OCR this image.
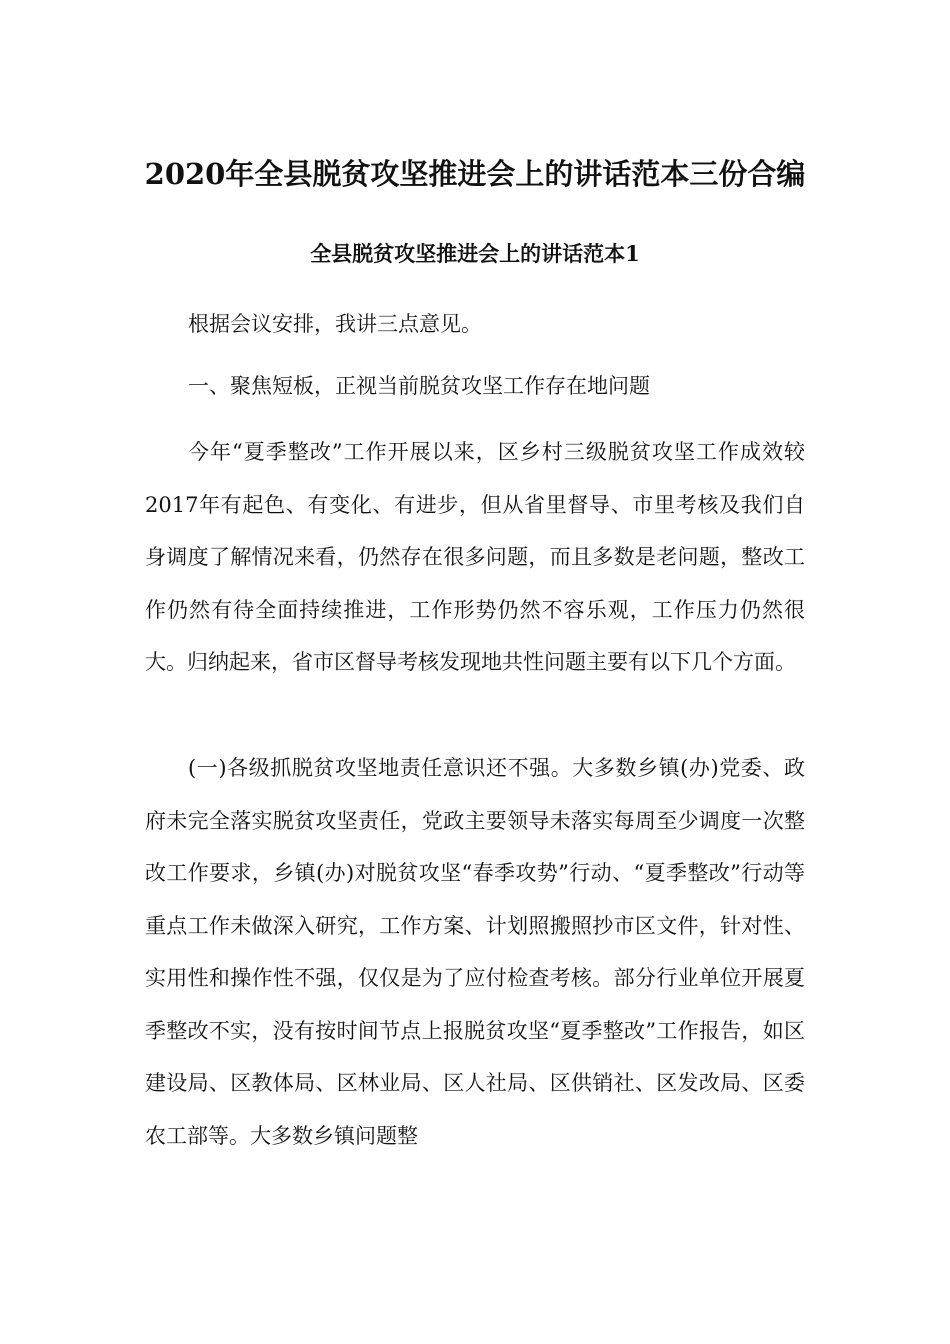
2020年全县脱贫攻坚推进会上的讲话范本三份合编
全县脱贫攻坚推进会上的讲话范本1

根据会议安排，我讲三点意见。

一、聚焦短板，正视当前脱贫攻坚工作存在地问题

今年“夏季整改”工作开展以来，区乡村三级脱贫攻坚工作成效较2017年有起色、有变化、有进步，但从省里督导、市里考核及我们自身调度了解情况来看，仍然存在很多问题，而且多数是老问题，整改工作仍然有待全面持续推进，工作形势仍然不容乐观，工作压力仍然很大。归纳起来，省市区督导考核发现地共性问题主要有以下几个方面。

(一)各级抓脱贫攻坚地责任意识还不强。大多数乡镇(办)党委、政府未完全落实脱贫攻坚责任，党政主要领导未落实每周至少调度一次整改工作要求，乡镇(办)对脱贫攻坚“春季攻势”行动、“夏季整改”行动等重点工作未做深入研究，工作方案、计划照搬照抄市区文件，针对性、实用性和操作性不强，仅仅是为了应付检查考核。部分行业单位开展夏季整改不实，没有按时间节点上报脱贫攻坚“夏季整改”工作报告，如区建设局、区教体局、区林业局、区人社局、区供销社、区发改局、区委农工部等。大多数乡镇问题整
